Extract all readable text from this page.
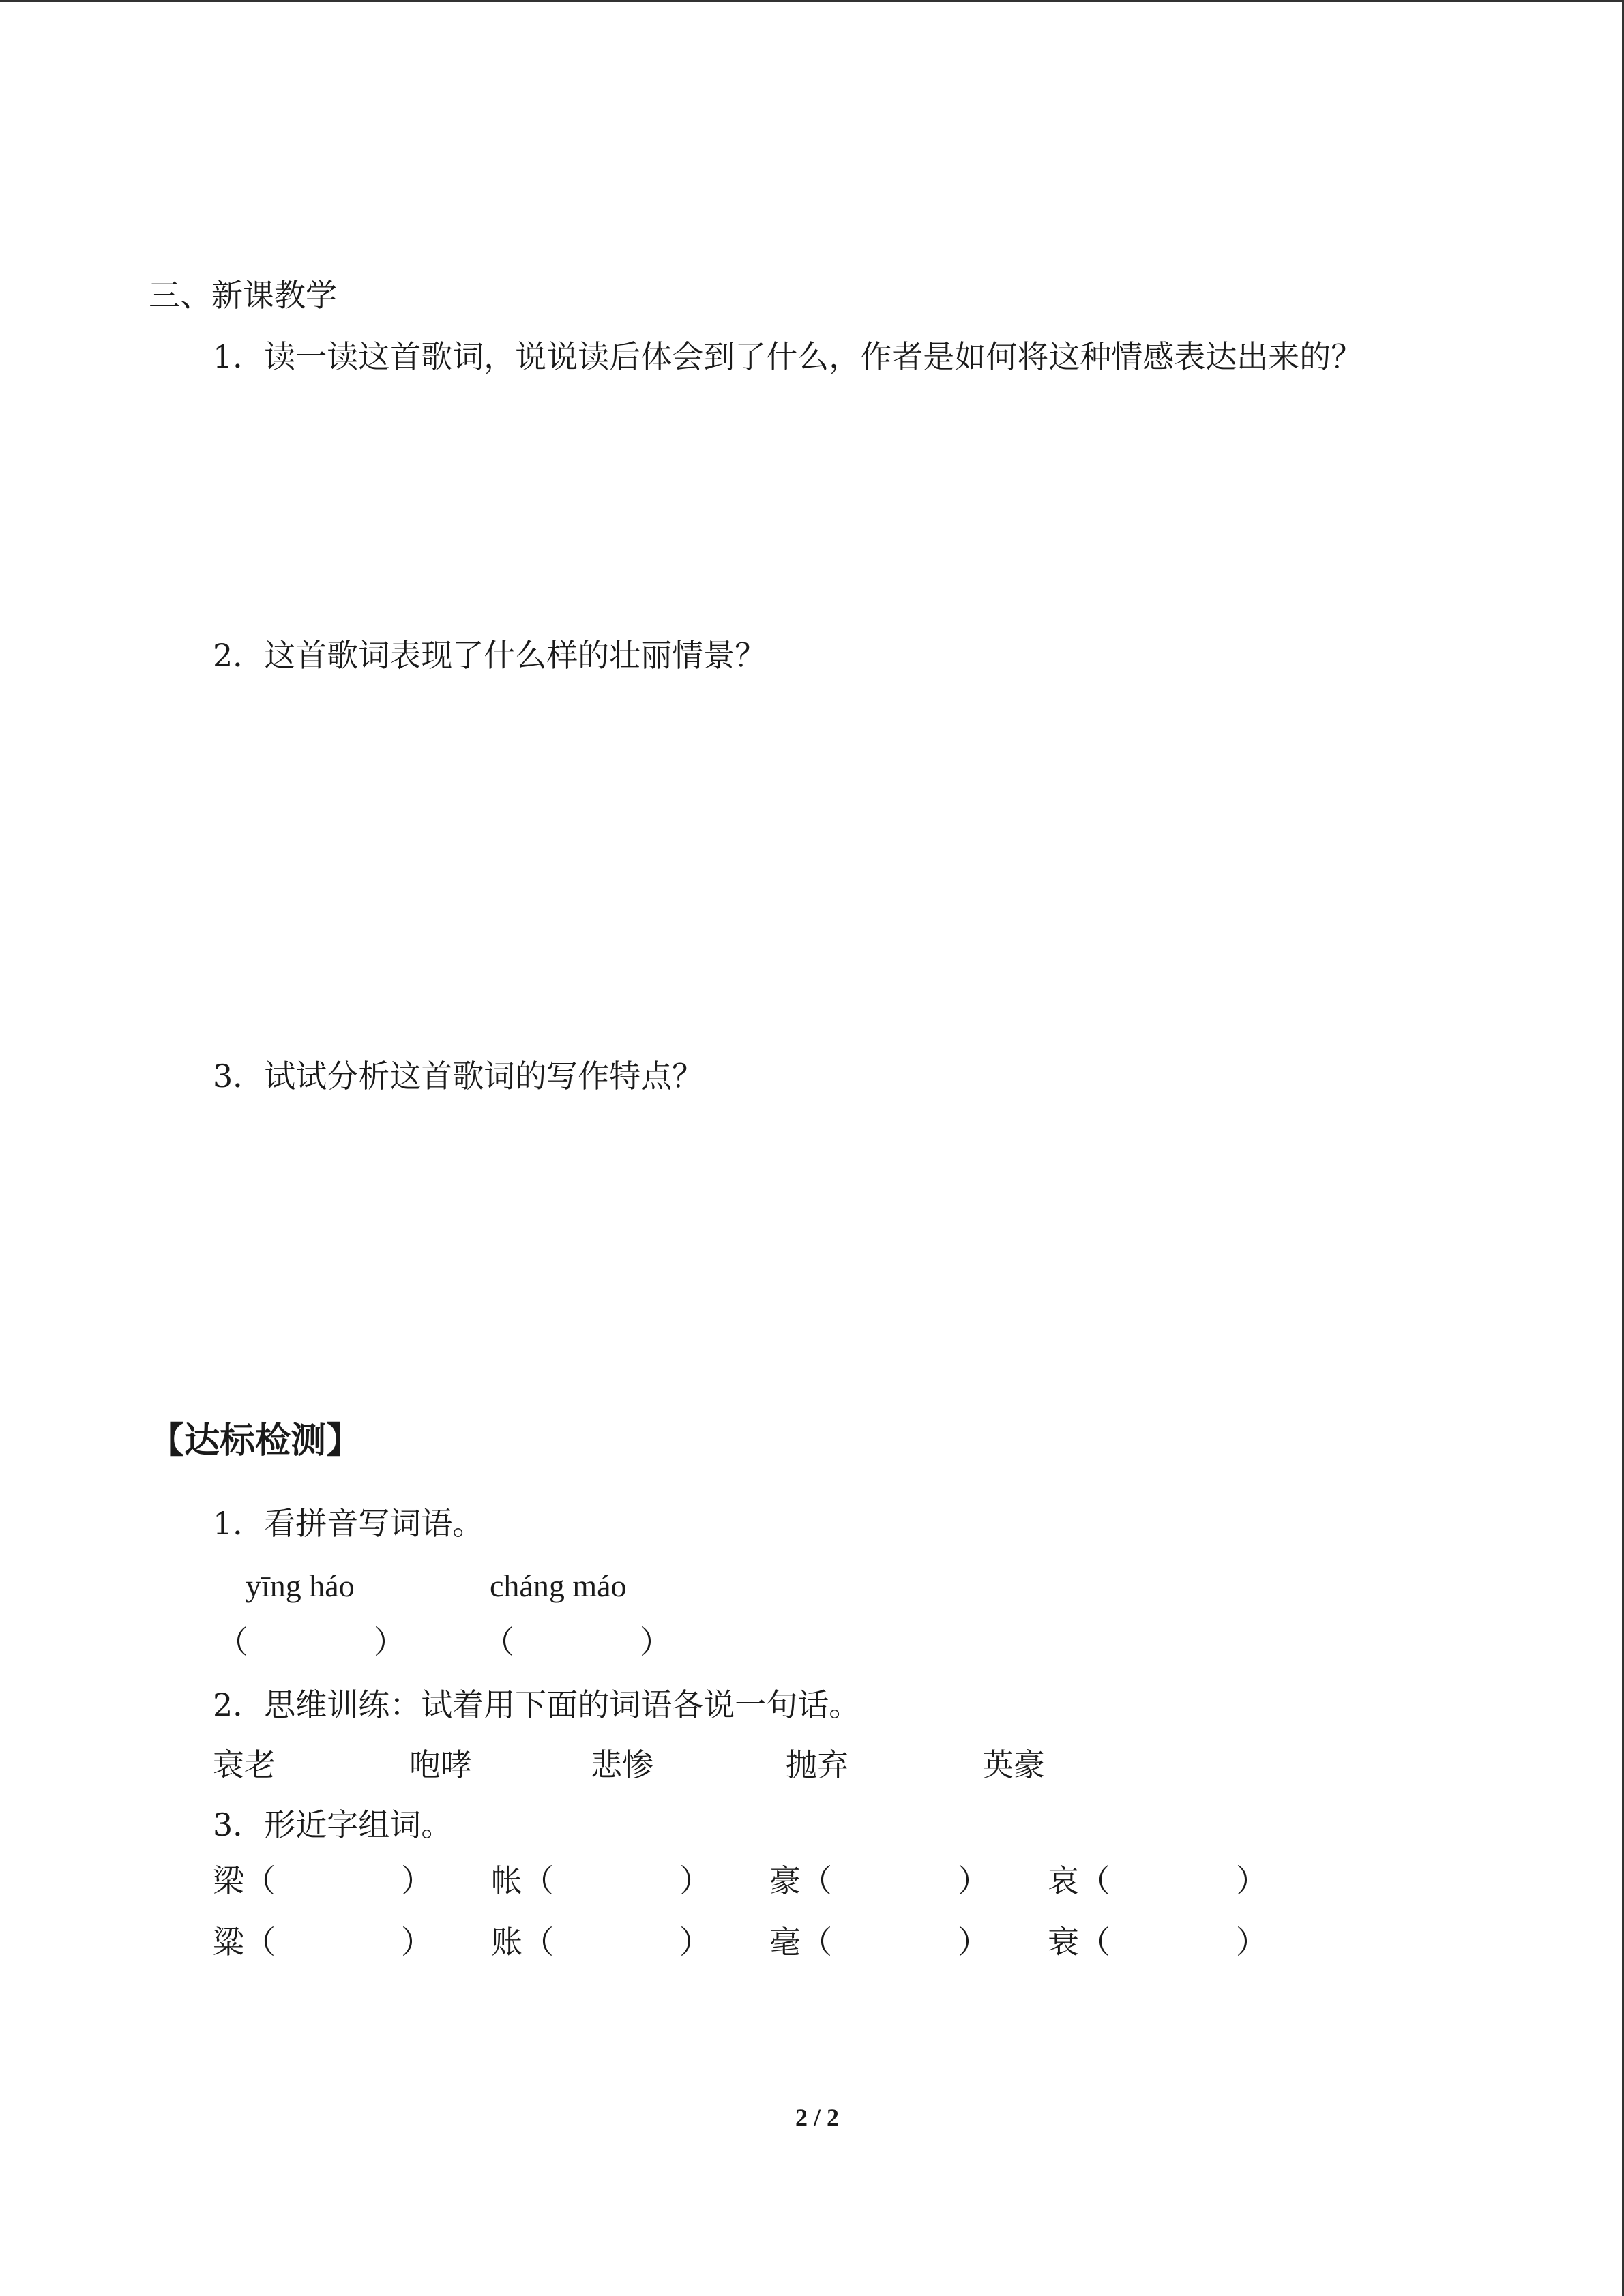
三、新课教学
1．读一读这首歌词，说说读后体会到了什么，作者是如何将这种情感表达出来的？
2．这首歌词表现了什么样的壮丽情景？
3．试试分析这首歌词的写作特点？
【达标检测】
1．看拼音写词语。
yīng háo	cháng máo
（　　　　） （　　　　）
2．思维训练：试着用下面的词语各说一句话。
衰老	咆哮	悲惨	抛弃	英豪
3．形近字组词。
梁（　　　　） 帐（　　　　） 豪（　　　　） 哀（　　　　）
粱（　　　　） 账（　　　　） 毫（　　　　） 衰（　　　　）
2 / 2
